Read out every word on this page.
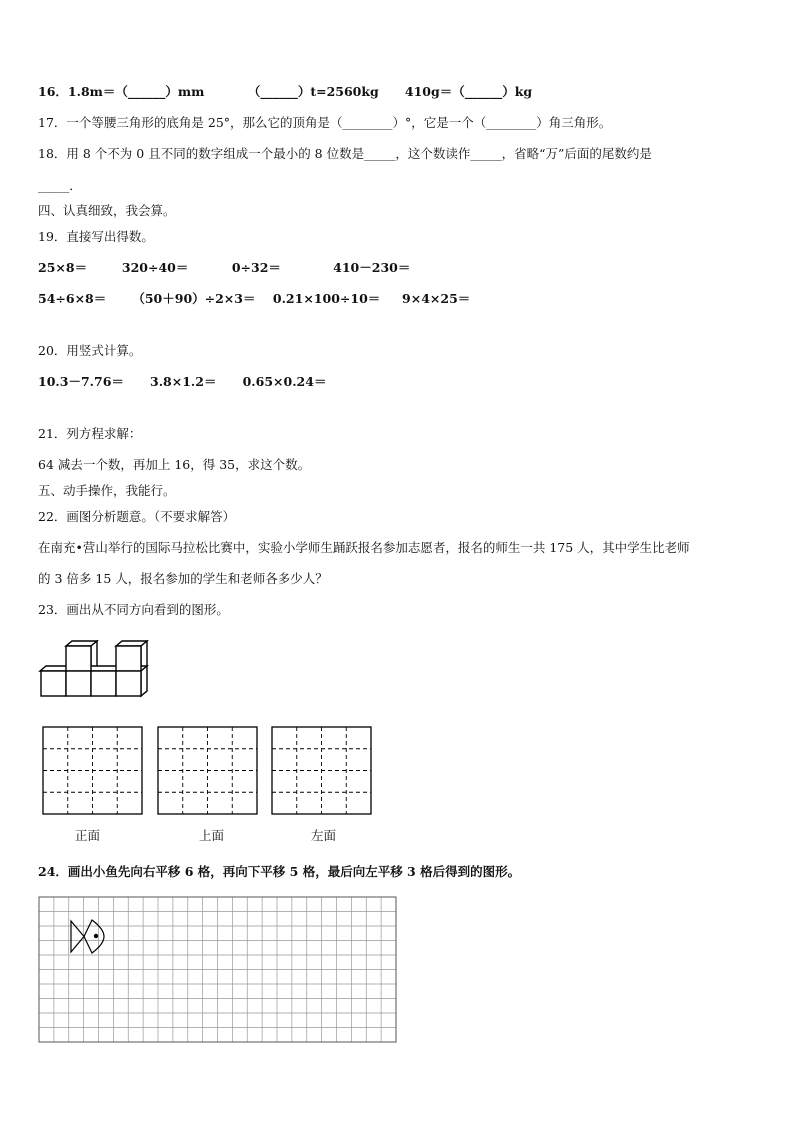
16．1.8m＝（______）mm          （______）t=2560kg      410g＝（______）kg
17．一个等腰三角形的底角是 25°，那么它的顶角是（________）°，它是一个（________）角三角形。
18．用 8 个不为 0 且不同的数字组成一个最小的 8 位数是_____，这个数读作_____，省略“万”后面的尾数约是
_____．
四、认真细致，我会算。
19．直接写出得数。
25×8＝        320÷40＝          0÷32＝            410－230＝
54÷6×8＝      （50＋90）÷2×3＝    0.21×100÷10＝     9×4×25＝
20．用竖式计算。
10.3－7.76＝      3.8×1.2＝      0.65×0.24＝
21．列方程求解：
64 减去一个数，再加上 16，得 35，求这个数。
五、动手操作，我能行。
22．画图分析题意。（不要求解答）
在南充•营山举行的国际马拉松比赛中，实验小学师生踊跃报名参加志愿者，报名的师生一共 175 人，其中学生比老师
的 3 倍多 15 人，报名参加的学生和老师各多少人？
23．画出从不同方向看到的图形。
正面	上面	左面
24．画出小鱼先向右平移 6 格，再向下平移 5 格，最后向左平移 3 格后得到的图形。
